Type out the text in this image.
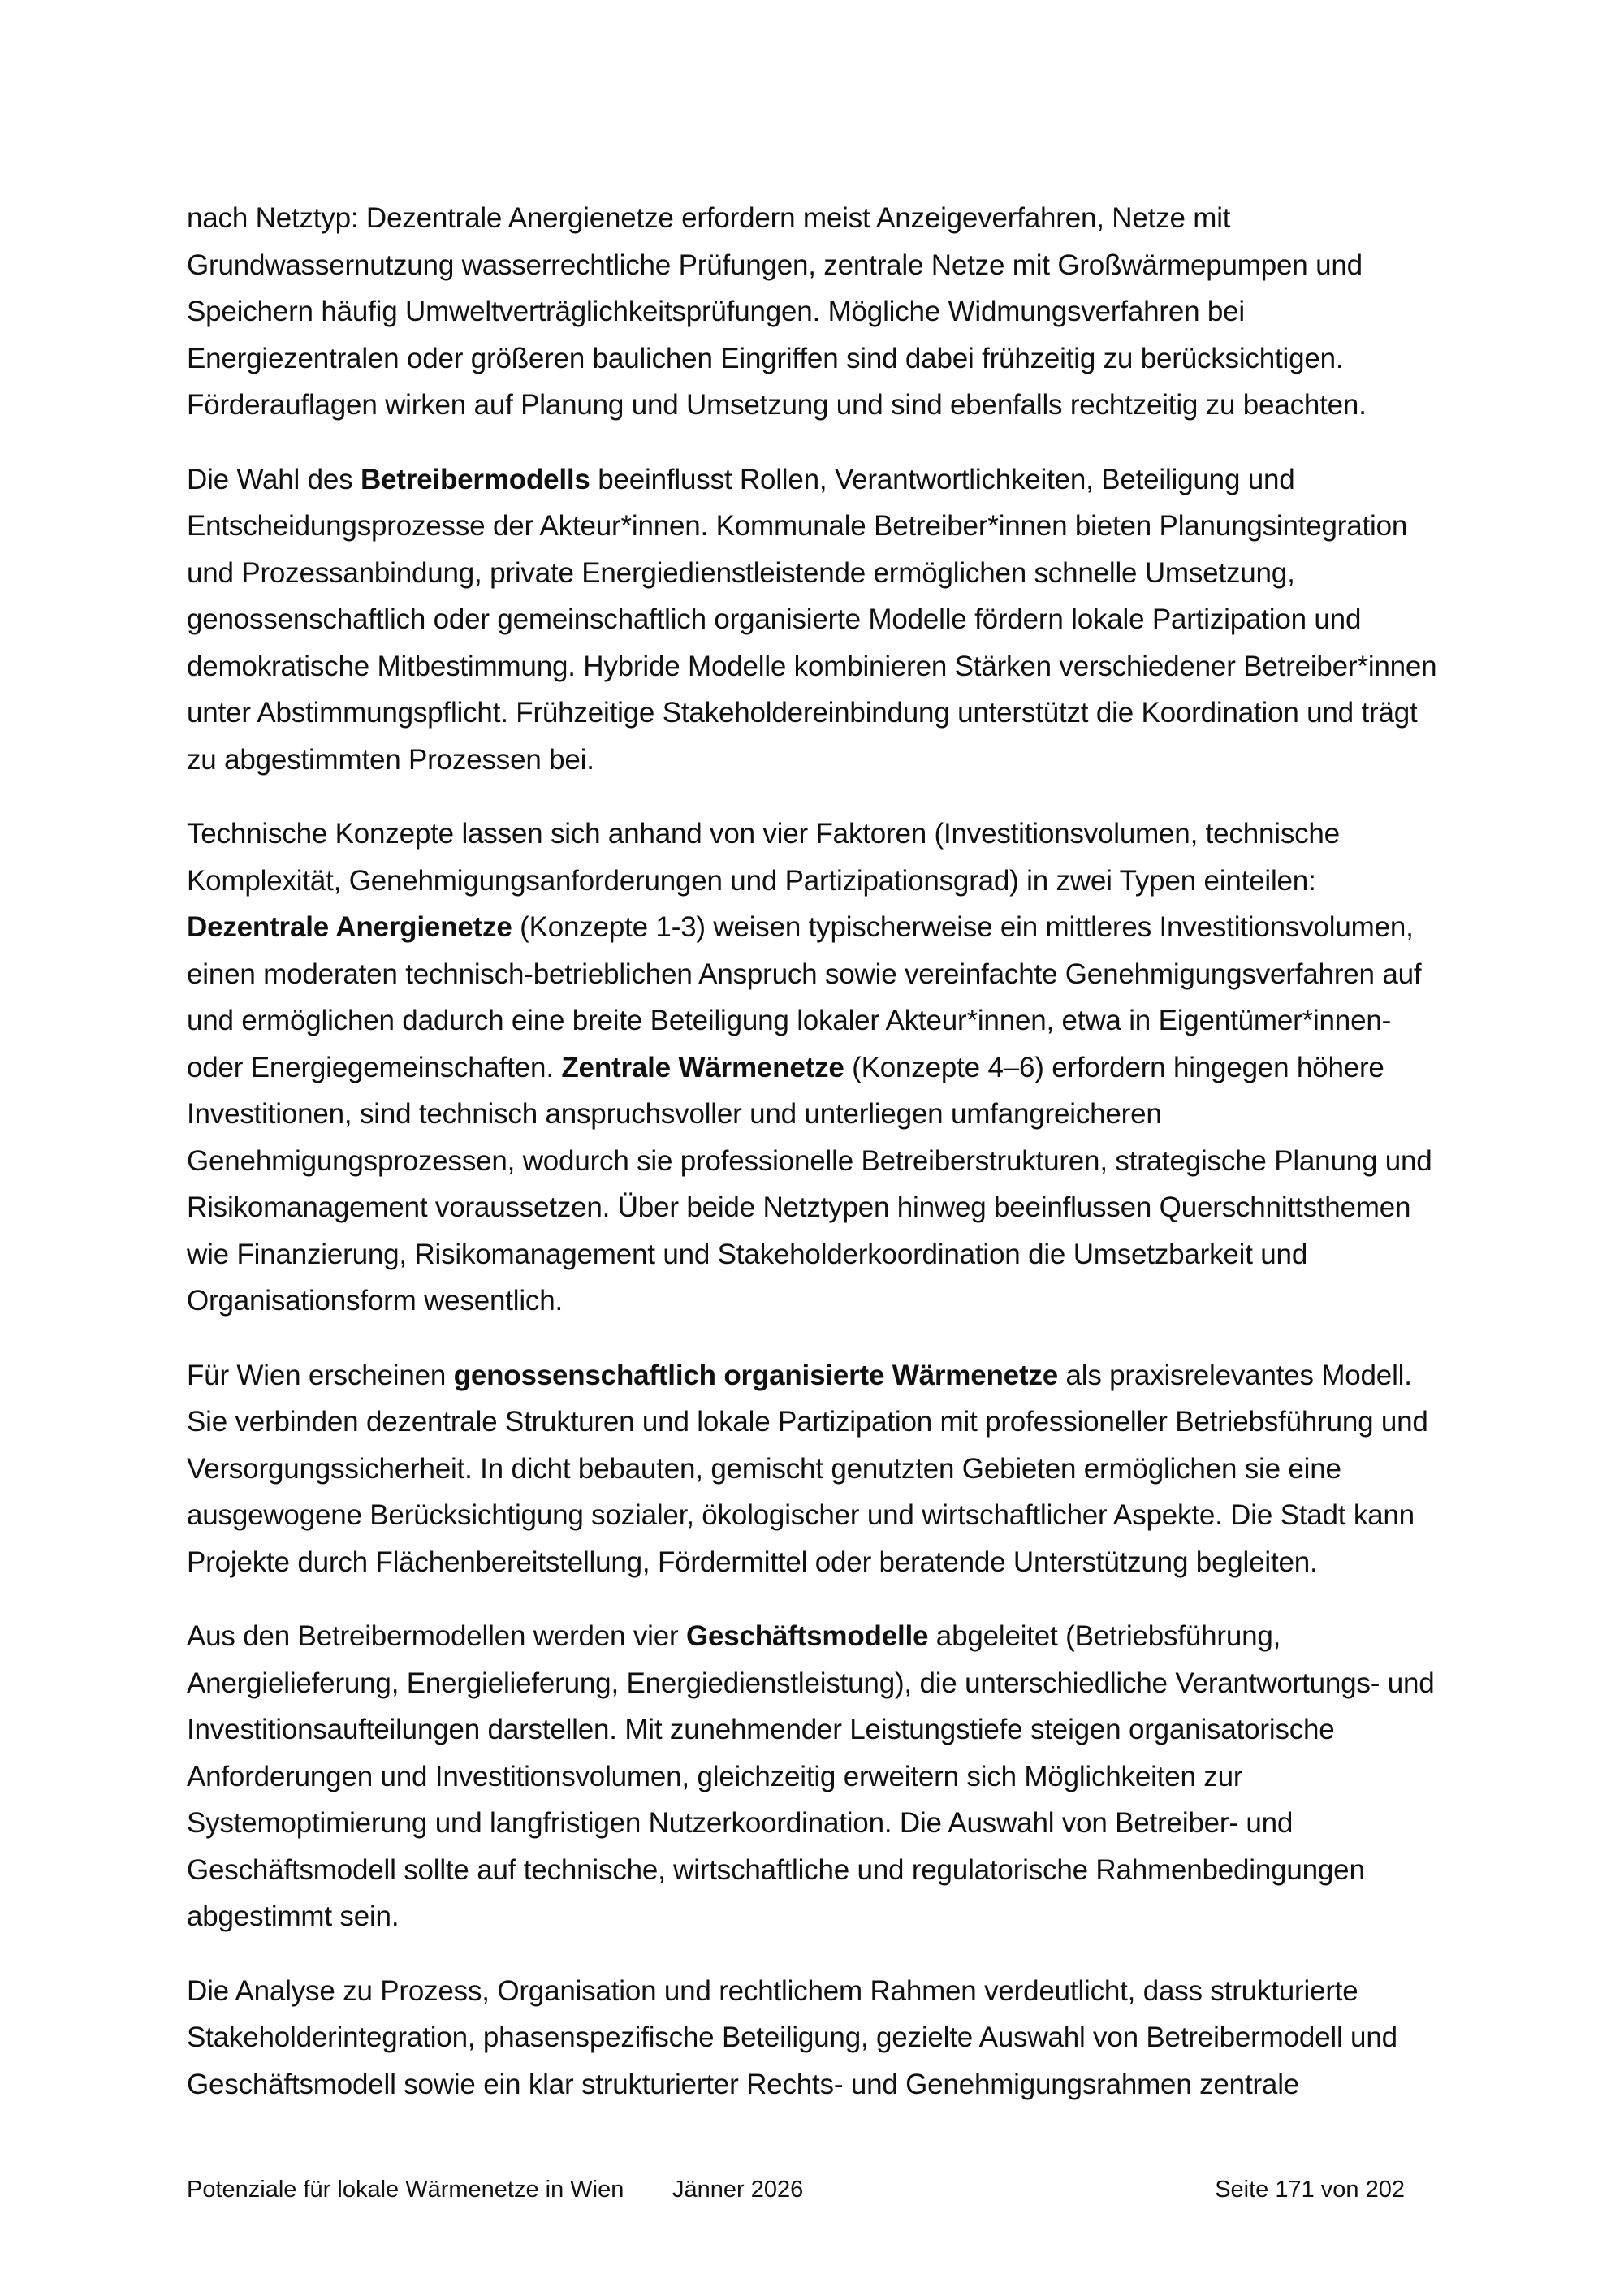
nach Netztyp: Dezentrale Anergienetze erfordern meist Anzeigeverfahren, Netze mit Grundwassernutzung wasserrechtliche Prüfungen, zentrale Netze mit Großwärmepumpen und Speichern häufig Umweltverträglichkeitsprüfungen. Mögliche Widmungsverfahren bei Energiezentralen oder größeren baulichen Eingriffen sind dabei frühzeitig zu berücksichtigen. Förderauflagen wirken auf Planung und Umsetzung und sind ebenfalls rechtzeitig zu beachten.

Die Wahl des Betreibermodells beeinflusst Rollen, Verantwortlichkeiten, Beteiligung und Entscheidungsprozesse der Akteur*innen. Kommunale Betreiber*innen bieten Planungsintegration und Prozessanbindung, private Energiedienstleistende ermöglichen schnelle Umsetzung, genossenschaftlich oder gemeinschaftlich organisierte Modelle fördern lokale Partizipation und demokratische Mitbestimmung. Hybride Modelle kombinieren Stärken verschiedener Betreiber*innen unter Abstimmungspflicht. Frühzeitige Stakeholdereinbindung unterstützt die Koordination und trägt zu abgestimmten Prozessen bei.

Technische Konzepte lassen sich anhand von vier Faktoren (Investitionsvolumen, technische Komplexität, Genehmigungsanforderungen und Partizipationsgrad) in zwei Typen einteilen: Dezentrale Anergienetze (Konzepte 1-3) weisen typischerweise ein mittleres Investitionsvolumen, einen moderaten technisch-betrieblichen Anspruch sowie vereinfachte Genehmigungsverfahren auf und ermöglichen dadurch eine breite Beteiligung lokaler Akteur*innen, etwa in Eigentümer*innen- oder Energiegemeinschaften. Zentrale Wärmenetze (Konzepte 4–6) erfordern hingegen höhere Investitionen, sind technisch anspruchsvoller und unterliegen umfangreicheren Genehmigungsprozessen, wodurch sie professionelle Betreiberstrukturen, strategische Planung und Risikomanagement voraussetzen. Über beide Netztypen hinweg beeinflussen Querschnittsthemen wie Finanzierung, Risikomanagement und Stakeholderkoordination die Umsetzbarkeit und Organisationsform wesentlich.

Für Wien erscheinen genossenschaftlich organisierte Wärmenetze als praxisrelevantes Modell. Sie verbinden dezentrale Strukturen und lokale Partizipation mit professioneller Betriebsführung und Versorgungssicherheit. In dicht bebauten, gemischt genutzten Gebieten ermöglichen sie eine ausgewogene Berücksichtigung sozialer, ökologischer und wirtschaftlicher Aspekte. Die Stadt kann Projekte durch Flächenbereitstellung, Fördermittel oder beratende Unterstützung begleiten.

Aus den Betreibermodellen werden vier Geschäftsmodelle abgeleitet (Betriebsführung, Anergielieferung, Energielieferung, Energiedienstleistung), die unterschiedliche Verantwortungs- und Investitionsaufteilungen darstellen. Mit zunehmender Leistungstiefe steigen organisatorische Anforderungen und Investitionsvolumen, gleichzeitig erweitern sich Möglichkeiten zur Systemoptimierung und langfristigen Nutzerkoordination. Die Auswahl von Betreiber- und Geschäftsmodell sollte auf technische, wirtschaftliche und regulatorische Rahmenbedingungen abgestimmt sein.

Die Analyse zu Prozess, Organisation und rechtlichem Rahmen verdeutlicht, dass strukturierte Stakeholderintegration, phasenspezifische Beteiligung, gezielte Auswahl von Betreibermodell und Geschäftsmodell sowie ein klar strukturierter Rechts- und Genehmigungsrahmen zentrale

Potenziale für lokale Wärmenetze in Wien Jänner 2026	Seite 171 von 202
